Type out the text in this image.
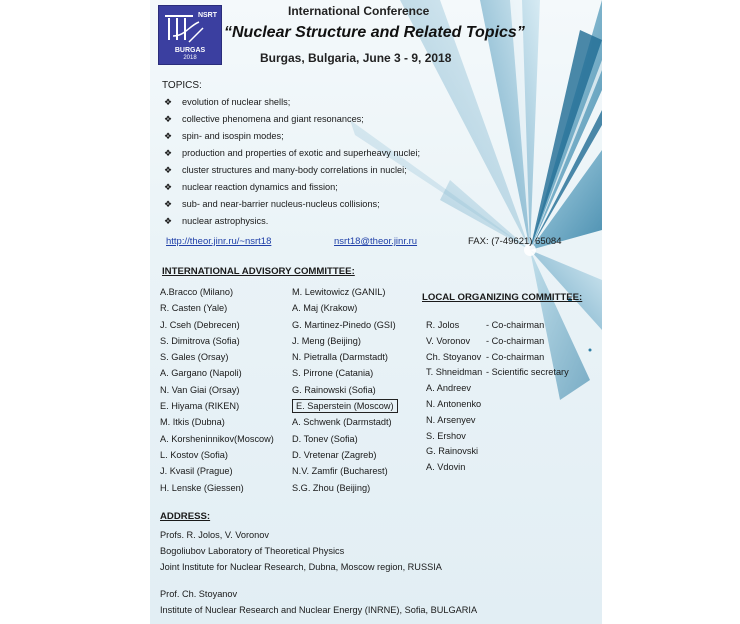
NSRT
BURGAS
2018
International Conference
“Nuclear Structure and Related Topics”
Burgas, Bulgaria, June 3 - 9, 2018
TOPICS:
❖ evolution of nuclear shells;
❖ collective phenomena and giant resonances;
❖ spin- and isospin modes;
❖ production and properties of exotic and superheavy nuclei;
❖ cluster structures and many-body correlations in nuclei;
❖ nuclear reaction dynamics and fission;
❖ sub- and near-barrier nucleus-nucleus collisions;
❖ nuclear astrophysics.
http://theor.jinr.ru/~nsrt18	nsrt18@theor.jinr.ru	FAX: (7-49621) 65084
INTERNATIONAL ADVISORY COMMITTEE:
A.Bracco (Milano)
R. Casten (Yale)
J. Cseh (Debrecen)
S. Dimitrova (Sofia)
S. Gales (Orsay)
A. Gargano (Napoli)
N. Van Giai (Orsay)
E. Hiyama (RIKEN)
M. Itkis (Dubna)
A. Korsheninnikov(Moscow)
L. Kostov (Sofia)
J. Kvasil (Prague)
H. Lenske (Giessen)
M. Lewitowicz (GANIL)
A. Maj (Krakow)
G. Martinez-Pinedo (GSI)
J. Meng (Beijing)
N. Pietralla (Darmstadt)
S. Pirrone (Catania)
G. Rainowski (Sofia)
E. Saperstein (Moscow)
A. Schwenk (Darmstadt)
D. Tonev (Sofia)
D. Vretenar (Zagreb)
N.V. Zamfir (Bucharest)
S.G. Zhou (Beijing)
LOCAL ORGANIZING COMMITTEE:
R. Jolos	- Co-chairman
V. Voronov - Co-chairman
Ch. Stoyanov - Co-chairman
T. Shneidman - Scientific secretary
A. Andreev
N. Antonenko
N. Arsenyev
S. Ershov
G. Rainovski
A. Vdovin
ADDRESS:
Profs. R. Jolos, V. Voronov
Bogoliubov Laboratory of Theoretical Physics
Joint Institute for Nuclear Research, Dubna, Moscow region, RUSSIA
Prof. Ch. Stoyanov
Institute of Nuclear Research and Nuclear Energy (INRNE), Sofia, BULGARIA
